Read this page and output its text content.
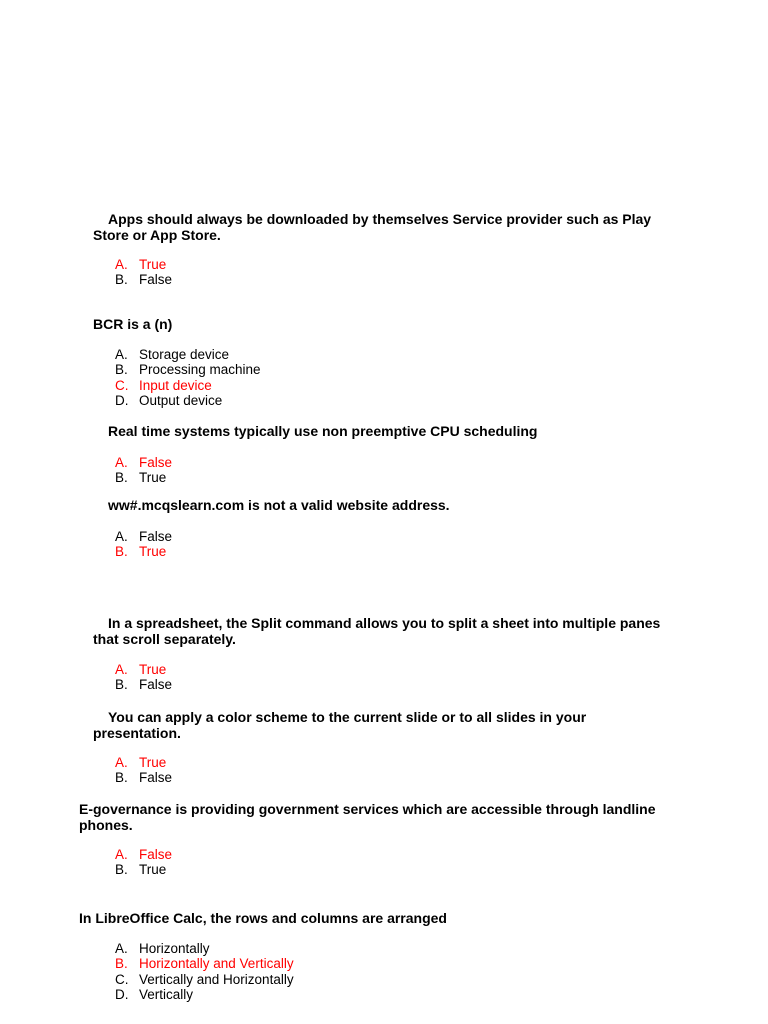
Apps should always be downloaded by themselves Service provider such as Play
Store or App Store.
A. True
B. False
BCR is a (n)
A. Storage device
B. Processing machine
C. Input device
D. Output device
Real time systems typically use non preemptive CPU scheduling
A. False
B. True
ww#.mcqslearn.com is not a valid website address.
A. False
B. True
In a spreadsheet, the Split command allows you to split a sheet into multiple panes
that scroll separately.
A. True
B. False
You can apply a color scheme to the current slide or to all slides in your
presentation.
A. True
B. False
E-governance is providing government services which are accessible through landline
phones.
A. False
B. True
In LibreOffice Calc, the rows and columns are arranged
A. Horizontally
B. Horizontally and Vertically
C. Vertically and Horizontally
D. Vertically
